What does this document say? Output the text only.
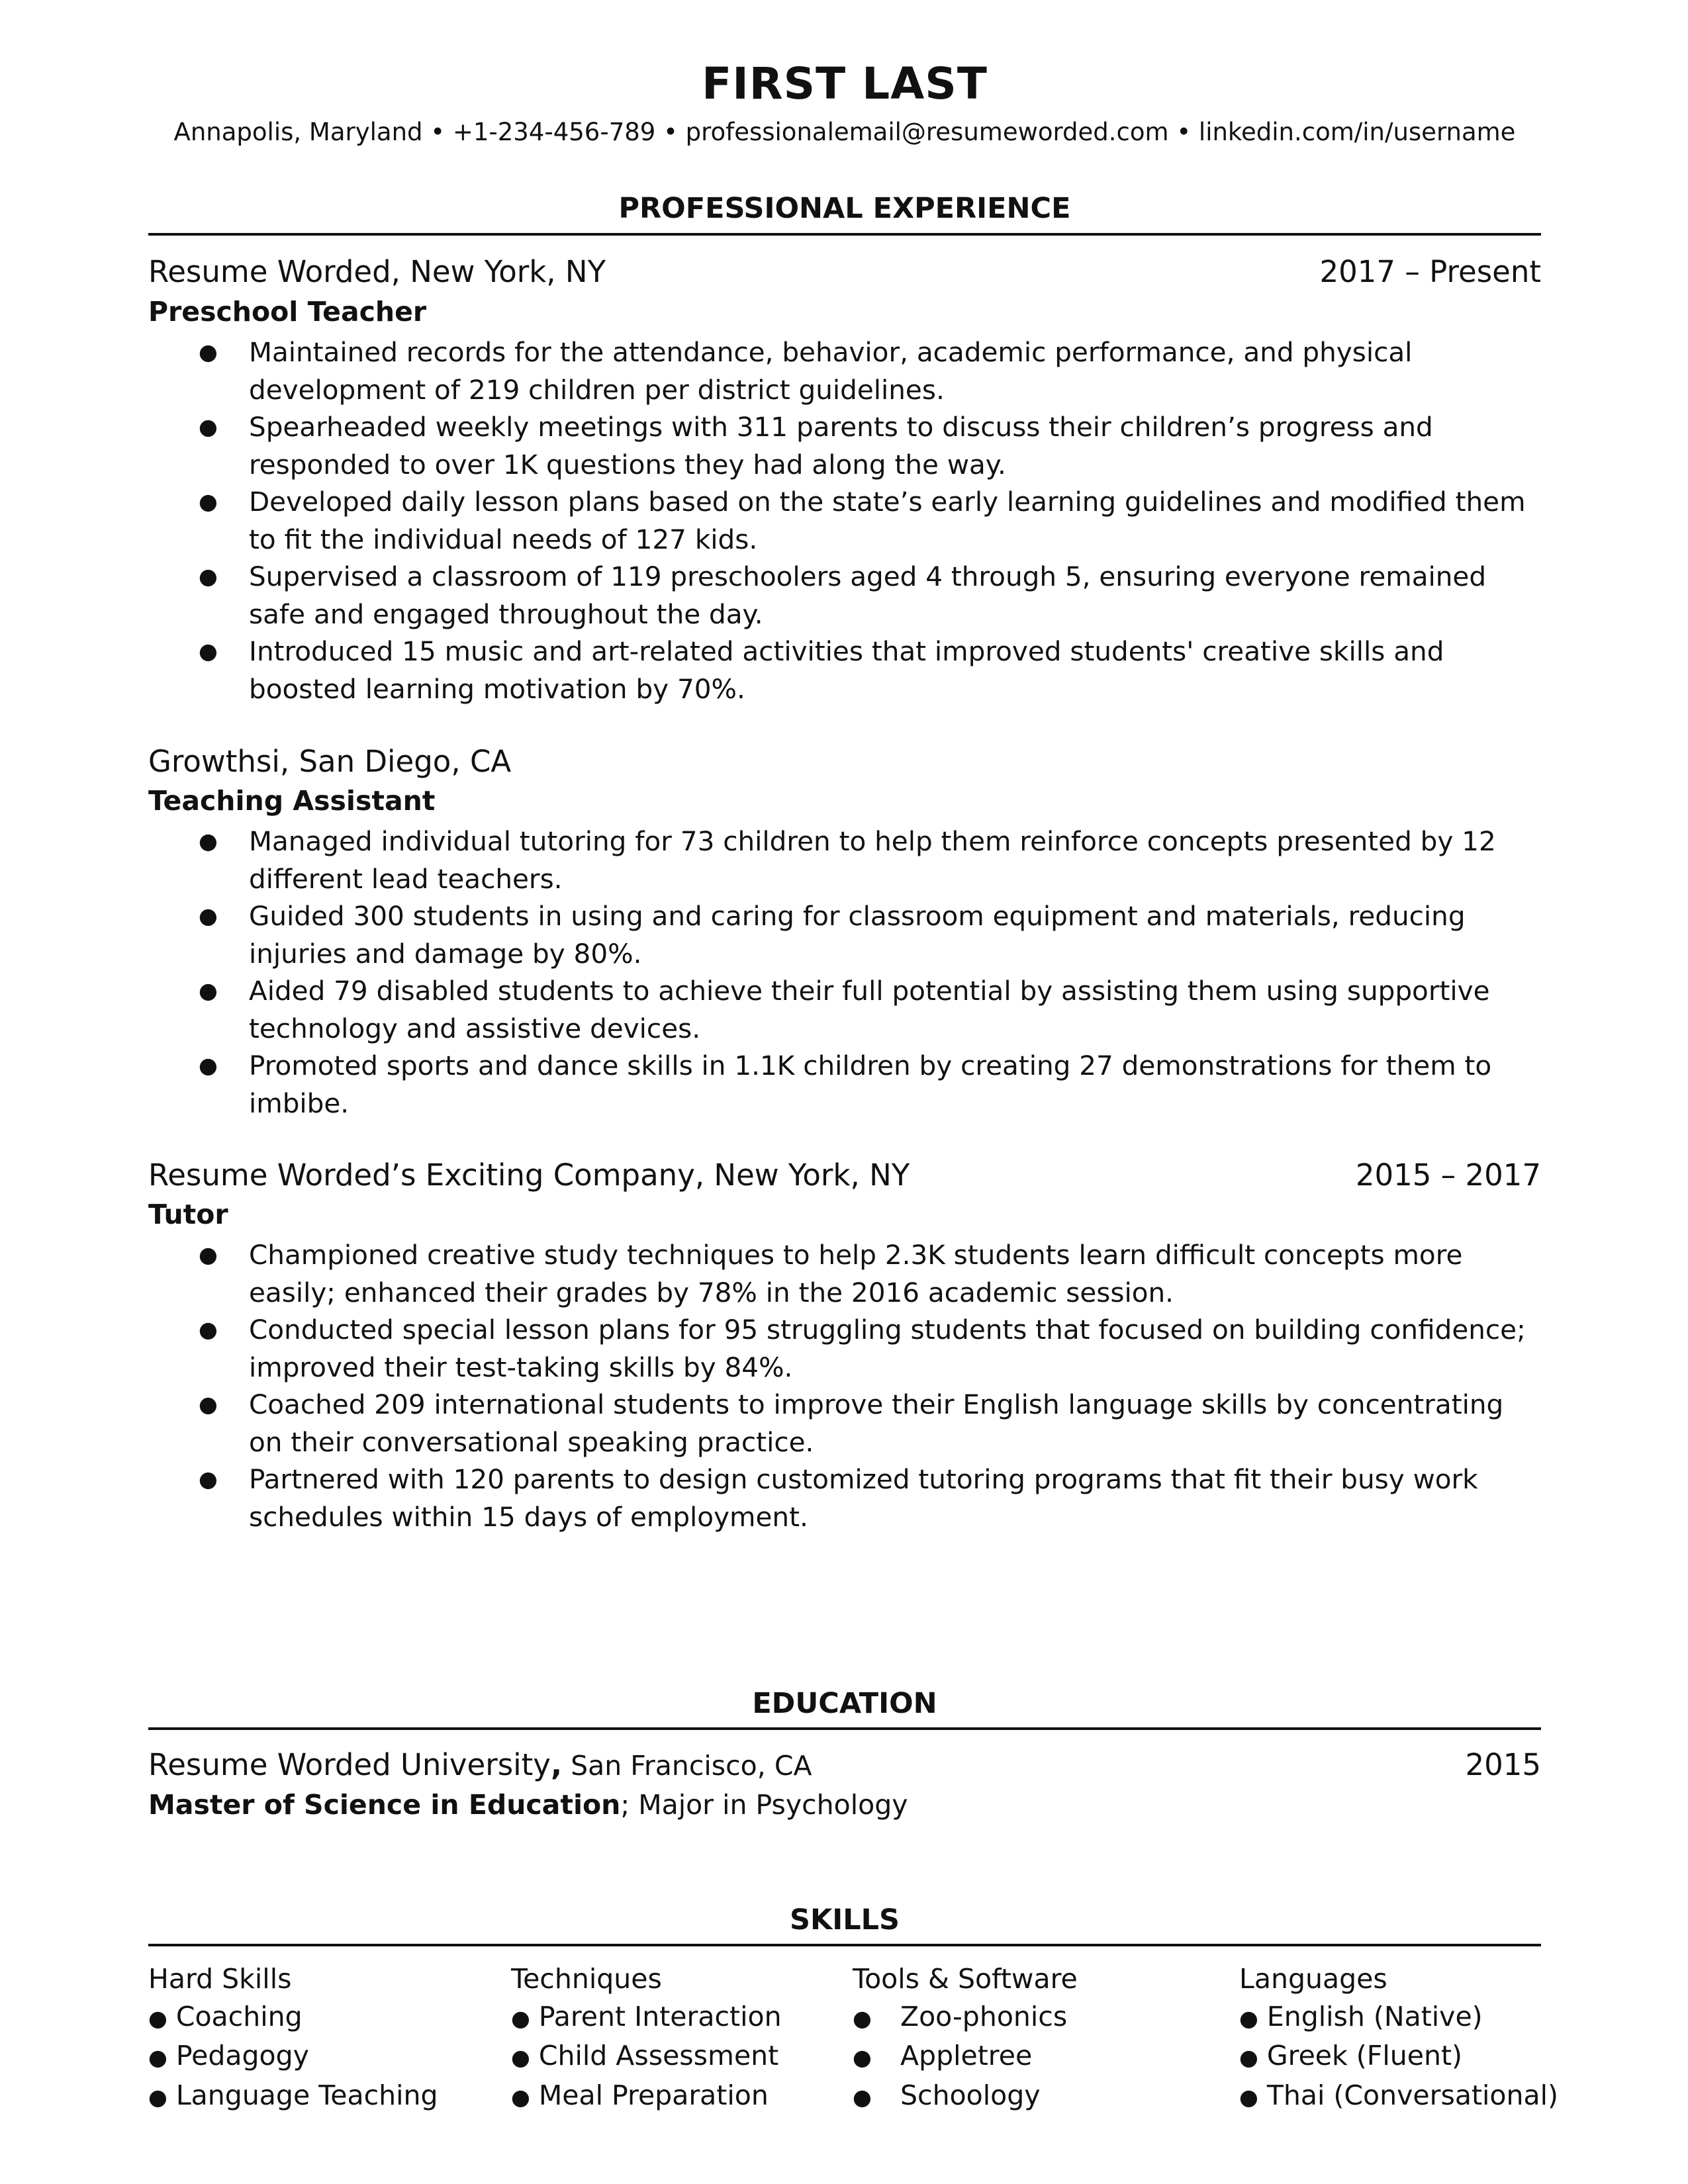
FIRST LAST
Annapolis, Maryland • +1-234-456-789 • professionalemail@resumeworded.com • linkedin.com/in/username
PROFESSIONAL EXPERIENCE
Resume Worded, New York, NY	2017 – Present
Preschool Teacher
● Maintained records for the attendance, behavior, academic performance, and physical development of 219 children per district guidelines.
● Spearheaded weekly meetings with 311 parents to discuss their children’s progress and responded to over 1K questions they had along the way.
● Developed daily lesson plans based on the state’s early learning guidelines and modified them to fit the individual needs of 127 kids.
● Supervised a classroom of 119 preschoolers aged 4 through 5, ensuring everyone remained safe and engaged throughout the day.
● Introduced 15 music and art-related activities that improved students' creative skills and boosted learning motivation by 70%.
Growthsi, San Diego, CA
Teaching Assistant
● Managed individual tutoring for 73 children to help them reinforce concepts presented by 12 different lead teachers.
● Guided 300 students in using and caring for classroom equipment and materials, reducing injuries and damage by 80%.
● Aided 79 disabled students to achieve their full potential by assisting them using supportive technology and assistive devices.
● Promoted sports and dance skills in 1.1K children by creating 27 demonstrations for them to imbibe.
Resume Worded’s Exciting Company, New York, NY	2015 – 2017
Tutor
● Championed creative study techniques to help 2.3K students learn difficult concepts more easily; enhanced their grades by 78% in the 2016 academic session.
● Conducted special lesson plans for 95 struggling students that focused on building confidence; improved their test-taking skills by 84%.
● Coached 209 international students to improve their English language skills by concentrating on their conversational speaking practice.
● Partnered with 120 parents to design customized tutoring programs that fit their busy work schedules within 15 days of employment.
EDUCATION
Resume Worded University, San Francisco, CA	2015
Master of Science in Education; Major in Psychology
SKILLS
Hard Skills
● Coaching
● Pedagogy
● Language Teaching
Techniques
● Parent Interaction
● Child Assessment
● Meal Preparation
Tools & Software
● Zoo-phonics
● Appletree
● Schoology
Languages
● English (Native)
● Greek (Fluent)
● Thai (Conversational)
